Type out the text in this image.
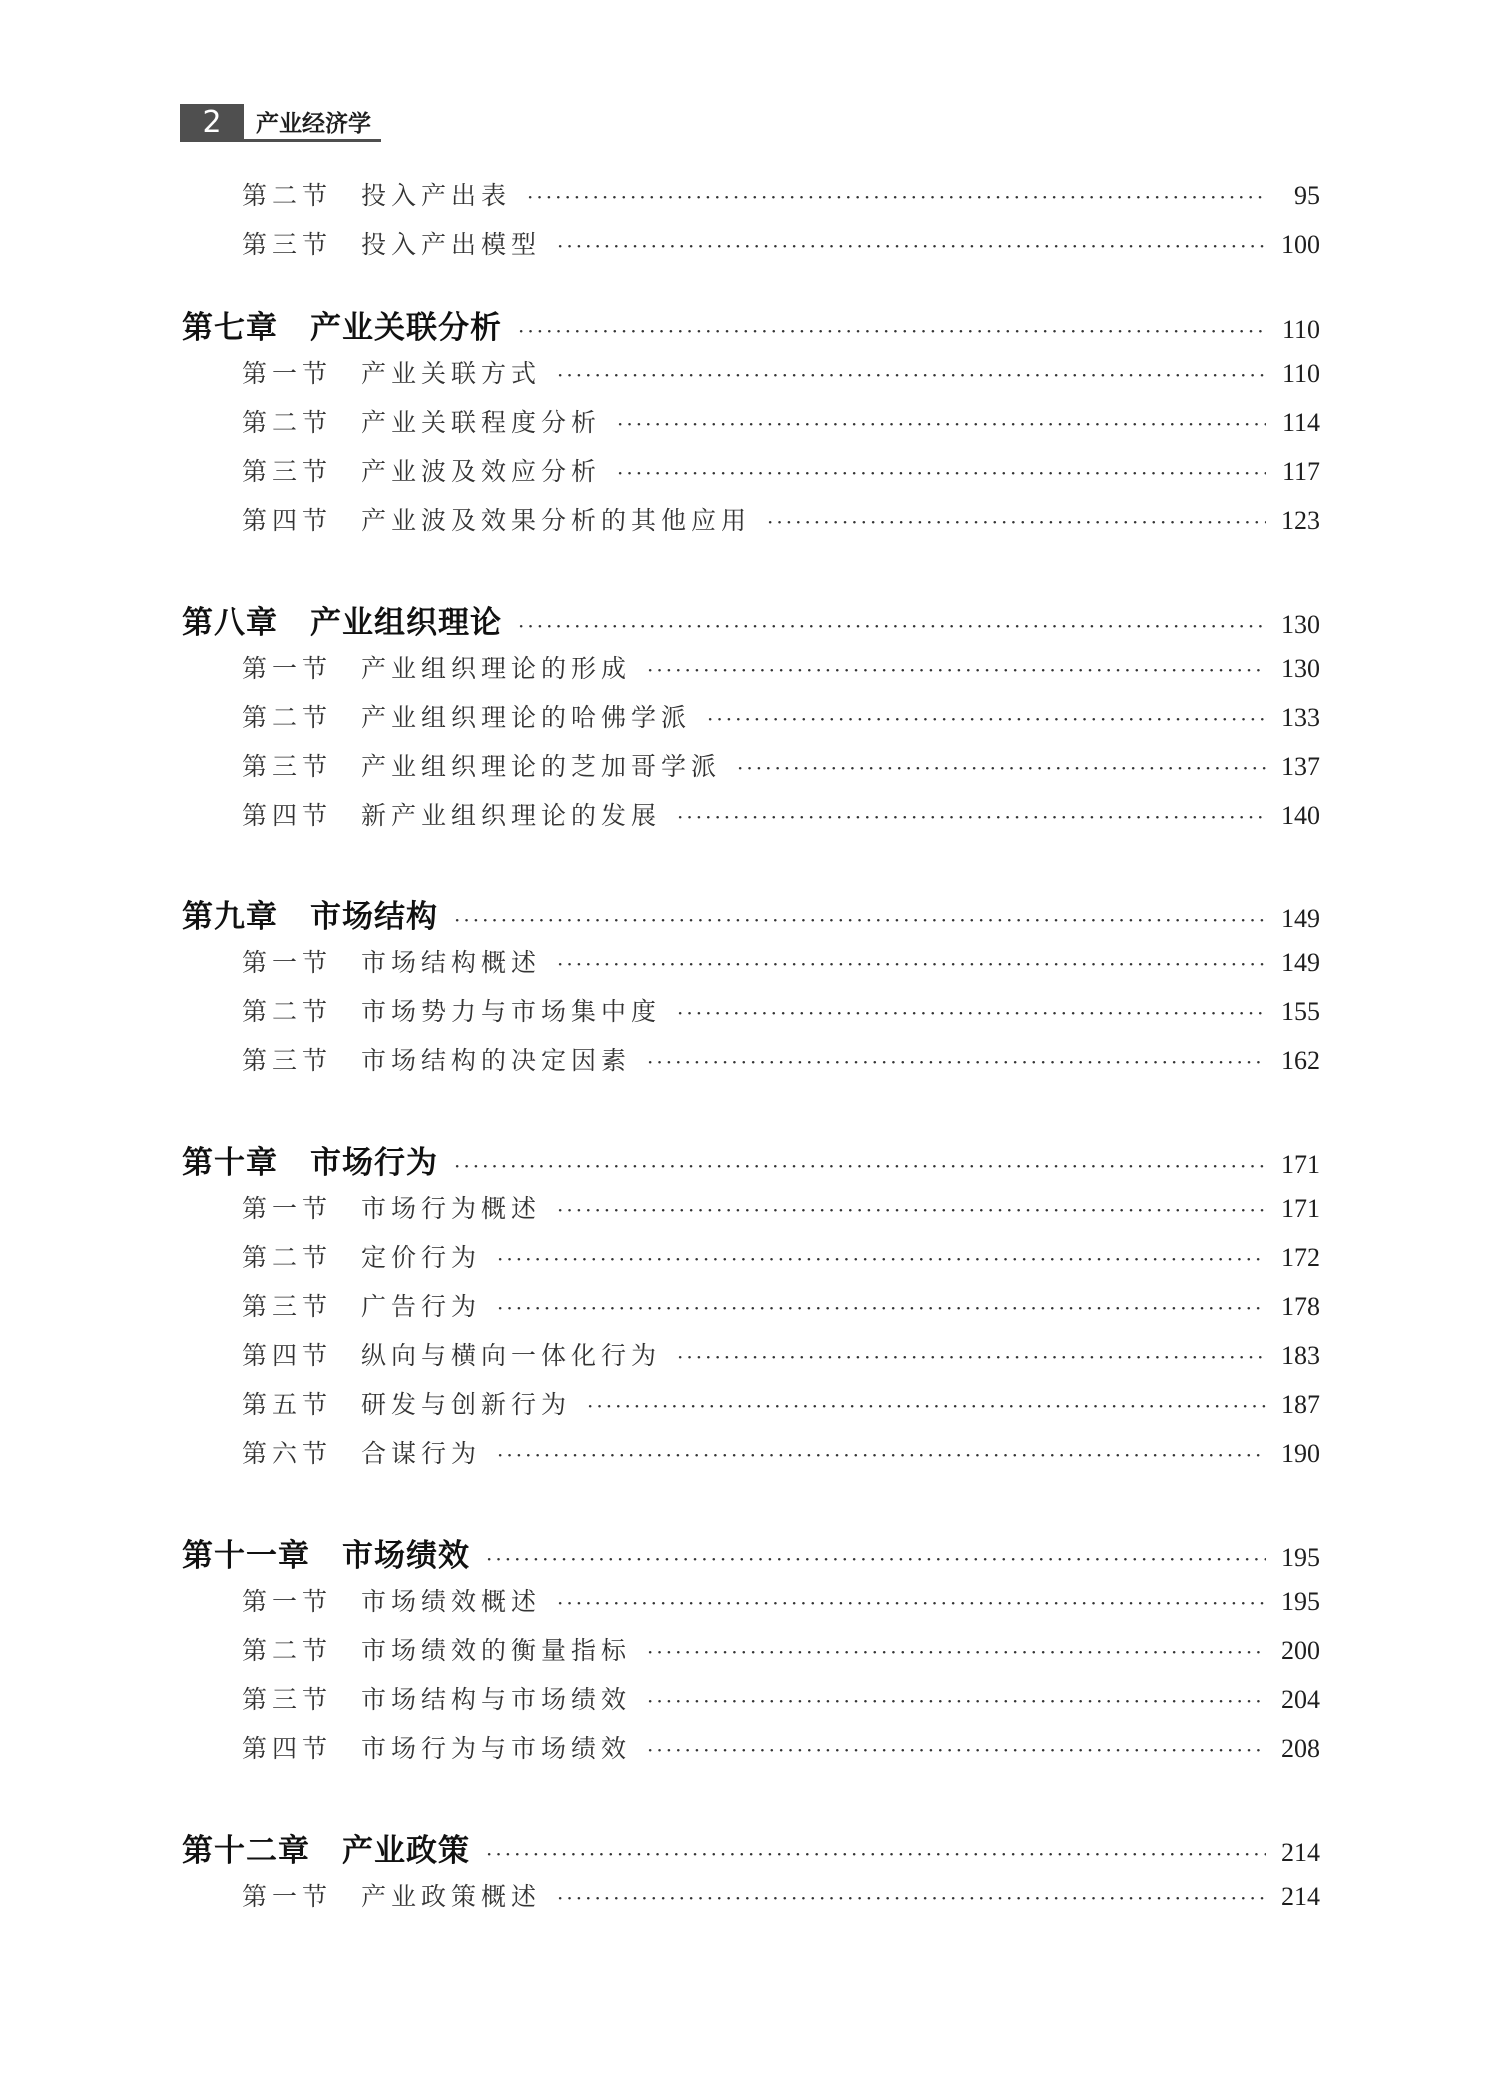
2	产业经济学
第二节	投入产出表 ·····	95
第三节	投入产出模型 ·····	100
第七章	产业关联分析 ·····	110
第一节	产业关联方式 ·····	110
第二节	产业关联程度分析 ·····	114
第三节	产业波及效应分析 ·····	117
第四节	产业波及效果分析的其他应用 ·····	123
第八章	产业组织理论 ·····	130
第一节	产业组织理论的形成 ·····	130
第二节	产业组织理论的哈佛学派 ·····	133
第三节	产业组织理论的芝加哥学派 ·····	137
第四节	新产业组织理论的发展 ·····	140
第九章	市场结构 ·····	149
第一节	市场结构概述 ·····	149
第二节	市场势力与市场集中度 ·····	155
第三节	市场结构的决定因素 ·····	162
第十章	市场行为 ·····	171
第一节	市场行为概述 ·····	171
第二节	定价行为 ·····	172
第三节	广告行为 ·····	178
第四节	纵向与横向一体化行为 ·····	183
第五节	研发与创新行为 ·····	187
第六节	合谋行为 ·····	190
第十一章	市场绩效 ·····	195
第一节	市场绩效概述 ·····	195
第二节	市场绩效的衡量指标 ·····	200
第三节	市场结构与市场绩效 ·····	204
第四节	市场行为与市场绩效 ·····	208
第十二章	产业政策 ·····	214
第一节	产业政策概述 ·····	214
